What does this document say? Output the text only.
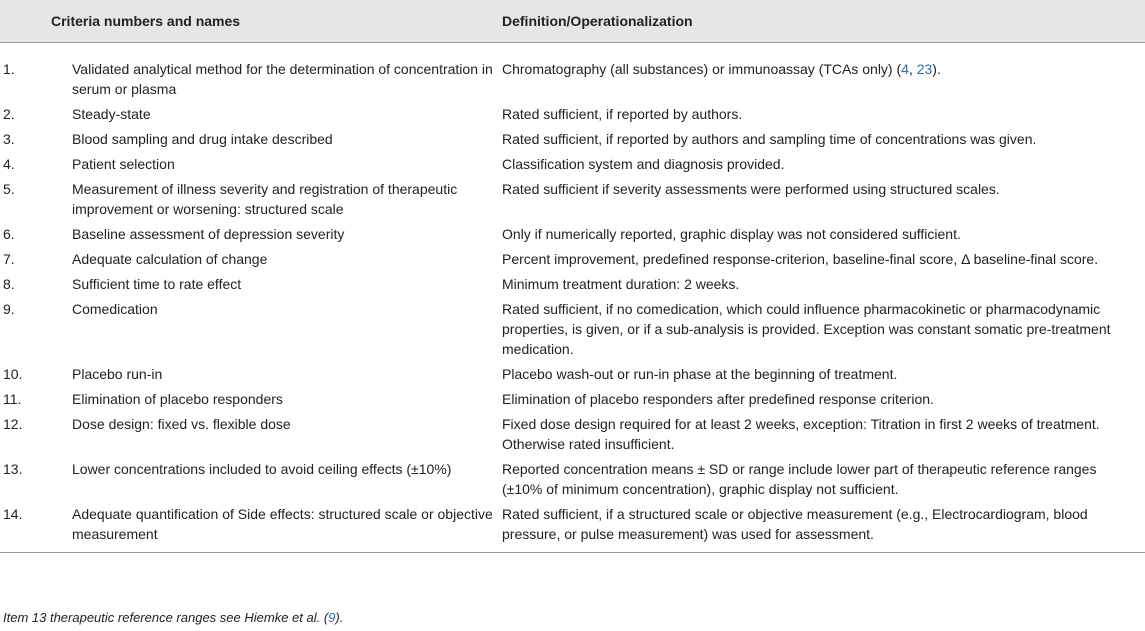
Criteria numbers and names		Definition/Operationalization
1.	Validated analytical method for the determination of concentration in serum or plasma	Chromatography (all substances) or immunoassay (TCAs only) (4, 23).
2.	Steady-state	Rated sufficient, if reported by authors.
3.	Blood sampling and drug intake described	Rated sufficient, if reported by authors and sampling time of concentrations was given.
4.	Patient selection	Classification system and diagnosis provided.
5.	Measurement of illness severity and registration of therapeutic improvement or worsening: structured scale	Rated sufficient if severity assessments were performed using structured scales.
6.	Baseline assessment of depression severity	Only if numerically reported, graphic display was not considered sufficient.
7.	Adequate calculation of change	Percent improvement, predefined response-criterion, baseline-final score, Δ baseline-final score.
8.	Sufficient time to rate effect	Minimum treatment duration: 2 weeks.
9.	Comedication	Rated sufficient, if no comedication, which could influence pharmacokinetic or pharmacodynamic properties, is given, or if a sub-analysis is provided. Exception was constant somatic pre-treatment medication.
10.	Placebo run-in	Placebo wash-out or run-in phase at the beginning of treatment.
11.	Elimination of placebo responders	Elimination of placebo responders after predefined response criterion.
12.	Dose design: fixed vs. flexible dose	Fixed dose design required for at least 2 weeks, exception: Titration in first 2 weeks of treatment. Otherwise rated insufficient.
13.	Lower concentrations included to avoid ceiling effects (±10%)	Reported concentration means ± SD or range include lower part of therapeutic reference ranges (±10% of minimum concentration), graphic display not sufficient.
14.	Adequate quantification of Side effects: structured scale or objective measurement	Rated sufficient, if a structured scale or objective measurement (e.g., Electrocardiogram, blood pressure, or pulse measurement) was used for assessment.
Item 13 therapeutic reference ranges see Hiemke et al. (9).
